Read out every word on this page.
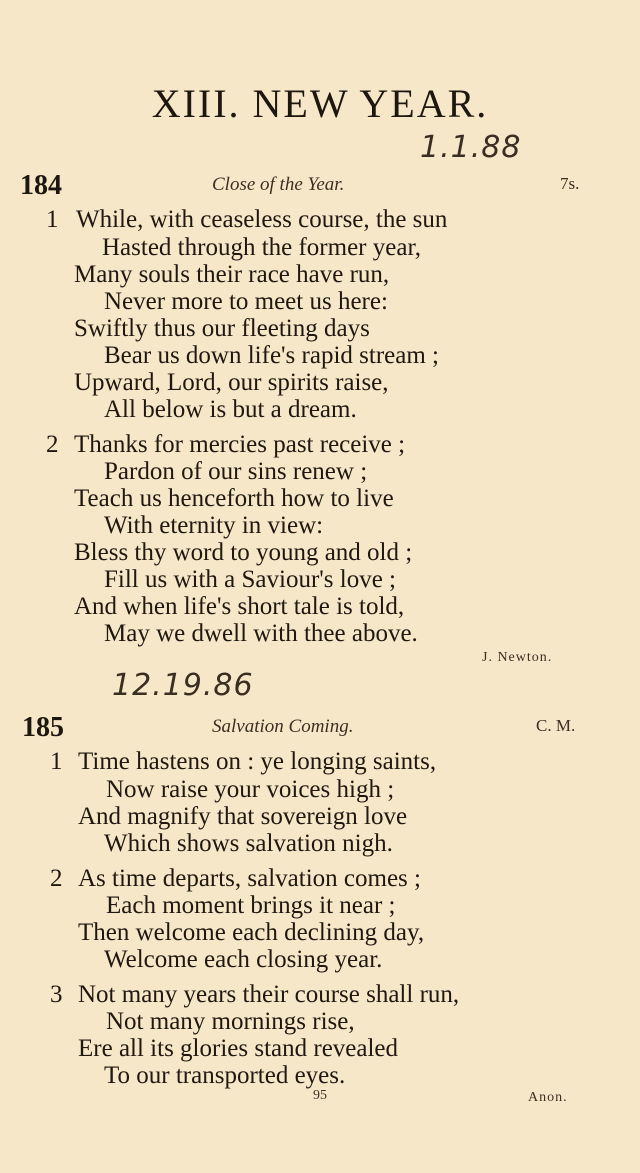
XIII. NEW YEAR.
1.1.88
184	Close of the Year.	7s.
1 While, with ceaseless course, the sun
Hasted through the former year,
Many souls their race have run,
Never more to meet us here:
Swiftly thus our fleeting days
Bear us down life's rapid stream ;
Upward, Lord, our spirits raise,
All below is but a dream.
2 Thanks for mercies past receive ;
Pardon of our sins renew ;
Teach us henceforth how to live
With eternity in view:
Bless thy word to young and old ;
Fill us with a Saviour's love ;
And when life's short tale is told,
May we dwell with thee above.
J. Newton.
12.19.86
185	Salvation Coming.	C. M.
1 Time hastens on : ye longing saints,
Now raise your voices high ;
And magnify that sovereign love
Which shows salvation nigh.
2 As time departs, salvation comes ;
Each moment brings it near ;
Then welcome each declining day,
Welcome each closing year.
3 Not many years their course shall run,
Not many mornings rise,
Ere all its glories stand revealed
To our transported eyes.
95	Anon.
